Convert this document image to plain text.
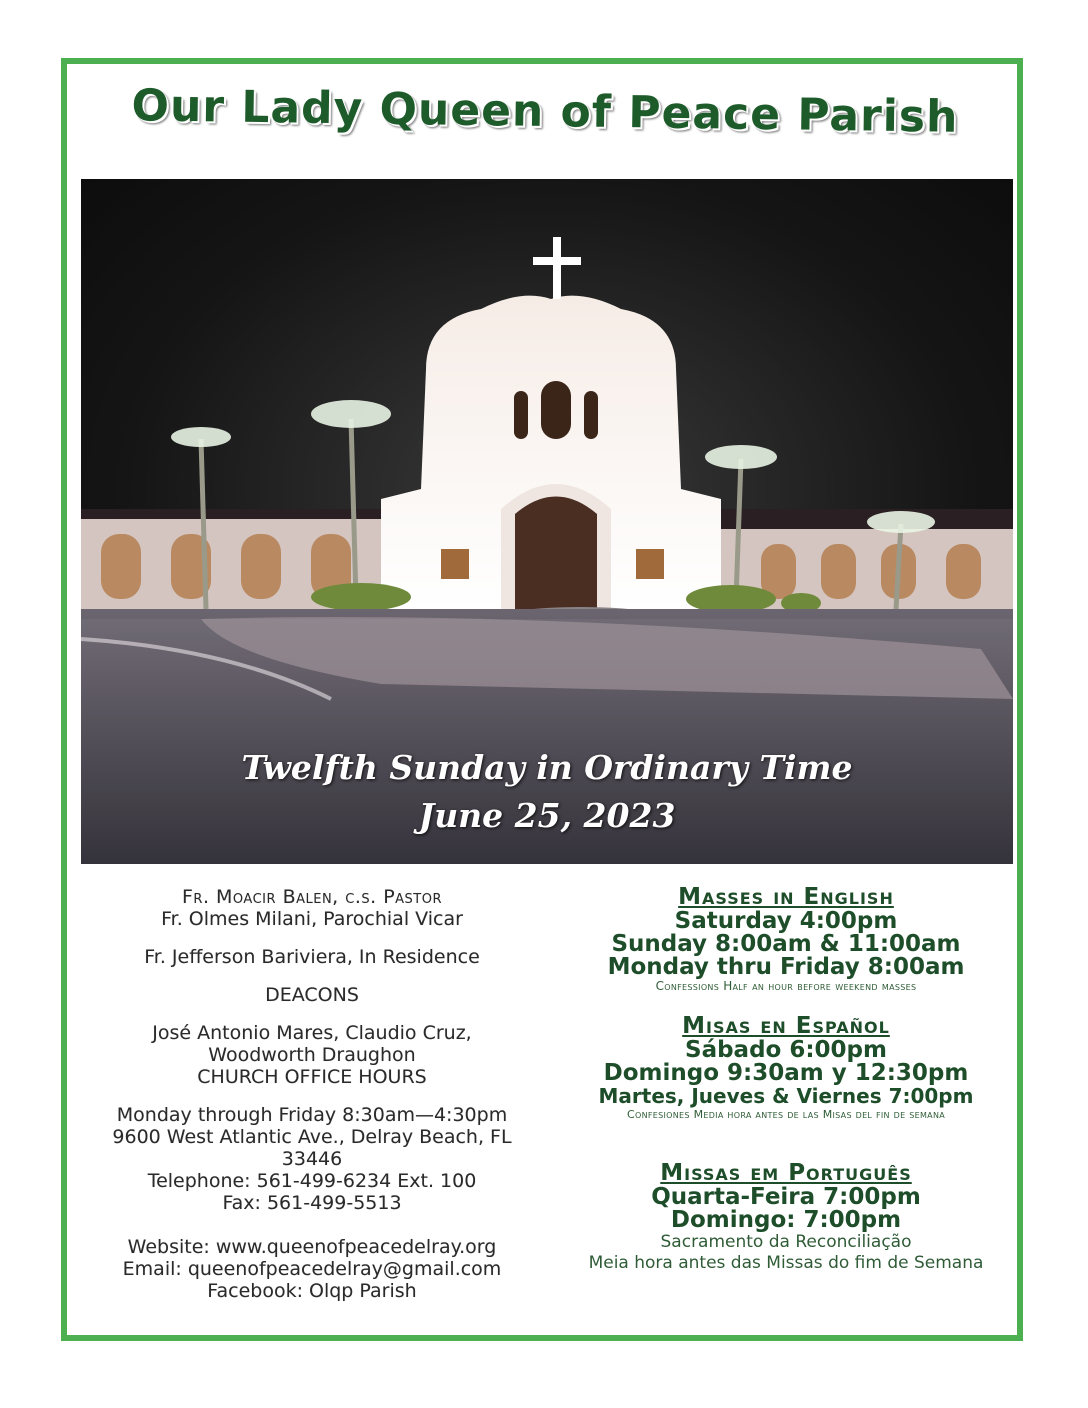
Our Lady Queen of Peace Parish
Twelfth Sunday in Ordinary Time
June 25, 2023

Fr. Moacir Balen, c.s. Pastor

Fr. Olmes Milani, Parochial Vicar

Fr. Jefferson Bariviera, In Residence

DEACONS

José Antonio Mares, Claudio Cruz,

Woodworth Draughon

CHURCH OFFICE HOURS

Monday through Friday 8:30am—4:30pm

9600 West Atlantic Ave., Delray Beach, FL

33446

Telephone: 561-499-6234 Ext. 100

Fax: 561-499-5513

Website: www.queenofpeacedelray.org

Email: queenofpeacedelray@gmail.com

Facebook: Olqp Parish

Masses in English

Saturday 4:00pm

Sunday 8:00am & 11:00am

Monday thru Friday 8:00am

Confessions Half an hour before weekend masses

Misas en Español

Sábado 6:00pm

Domingo 9:30am y 12:30pm

Martes, Jueves & Viernes 7:00pm

Confesiones Media hora antes de las Misas del fin de semana

Missas em Português

Quarta-Feira 7:00pm

Domingo: 7:00pm

Sacramento da Reconciliação

Meia hora antes das Missas do fim de Semana
